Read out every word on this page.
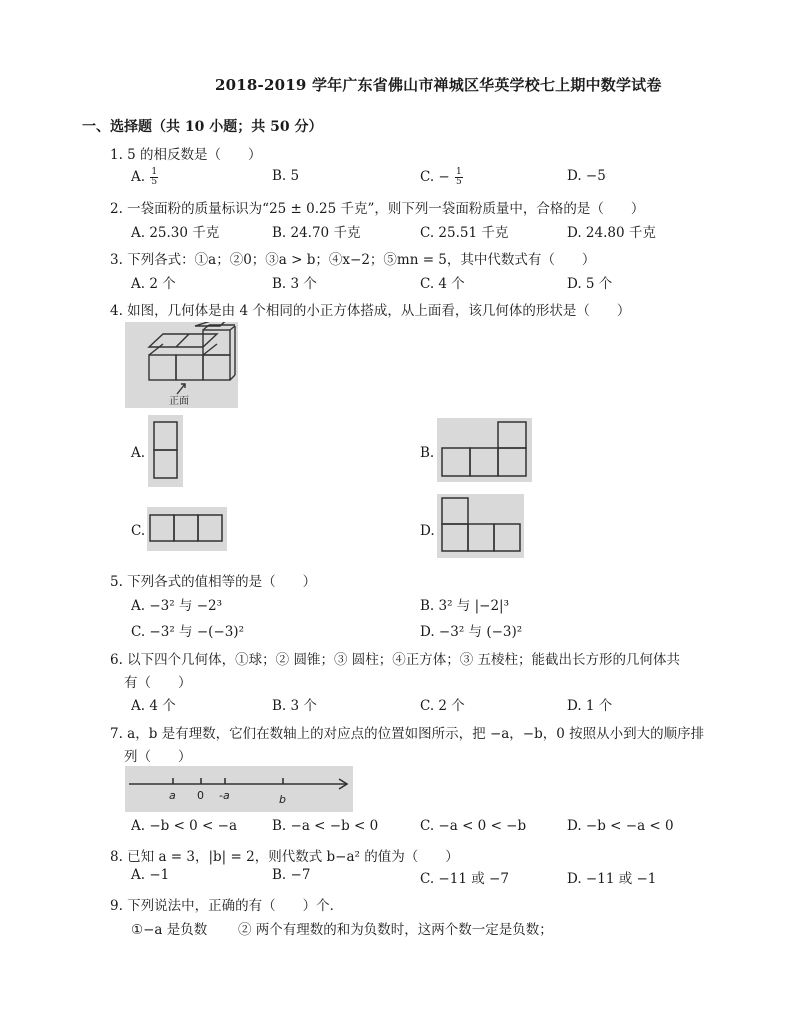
2018-2019 学年广东省佛山市禅城区华英学校七上期中数学试卷
一、选择题（共 10 小题；共 50 分）
1. 5 的相反数是（　　）
A. $\frac{1}{5}$	B. 5	C. − $\frac{1}{5}$	D. −5
2. 一袋面粉的质量标识为“25 ± 0.25 千克”，则下列一袋面粉质量中，合格的是（　　）
A. 25.30 千克	B. 24.70 千克	C. 25.51 千克	D. 24.80 千克
3. 下列各式：①a；②0；③a > b；④x−2；⑤mn = 5，其中代数式有（　　）
A. 2 个	B. 3 个	C. 4 个	D. 5 个
4. 如图，几何体是由 4 个相同的小正方体搭成，从上面看，该几何体的形状是（　　）
正面
A.	B.
C.	D.
5. 下列各式的值相等的是（　　）
A. −3² 与 −2³	B. 3² 与 |−2|³
C. −3² 与 −(−3)²	D. −3² 与 (−3)²
6. 以下四个几何体，①球；② 圆锥；③ 圆柱；④正方体；③ 五棱柱；能截出长方形的几何体共
有（　　）
A. 4 个	B. 3 个	C. 2 个	D. 1 个
7. a，b 是有理数，它们在数轴上的对应点的位置如图所示，把 −a，−b，0 按照从小到大的顺序排
列（　　）
a 0 -a	b
A. −b < 0 < −a	B. −a < −b < 0	C. −a < 0 < −b	D. −b < −a < 0
8. 已知 a = 3，|b| = 2，则代数式 b−a² 的值为（　　）
A. −1	B. −7	C. −11 或 −7	D. −11 或 −1
9. 下列说法中，正确的有（　　）个．
①−a 是负数 ② 两个有理数的和为负数时，这两个数一定是负数；
